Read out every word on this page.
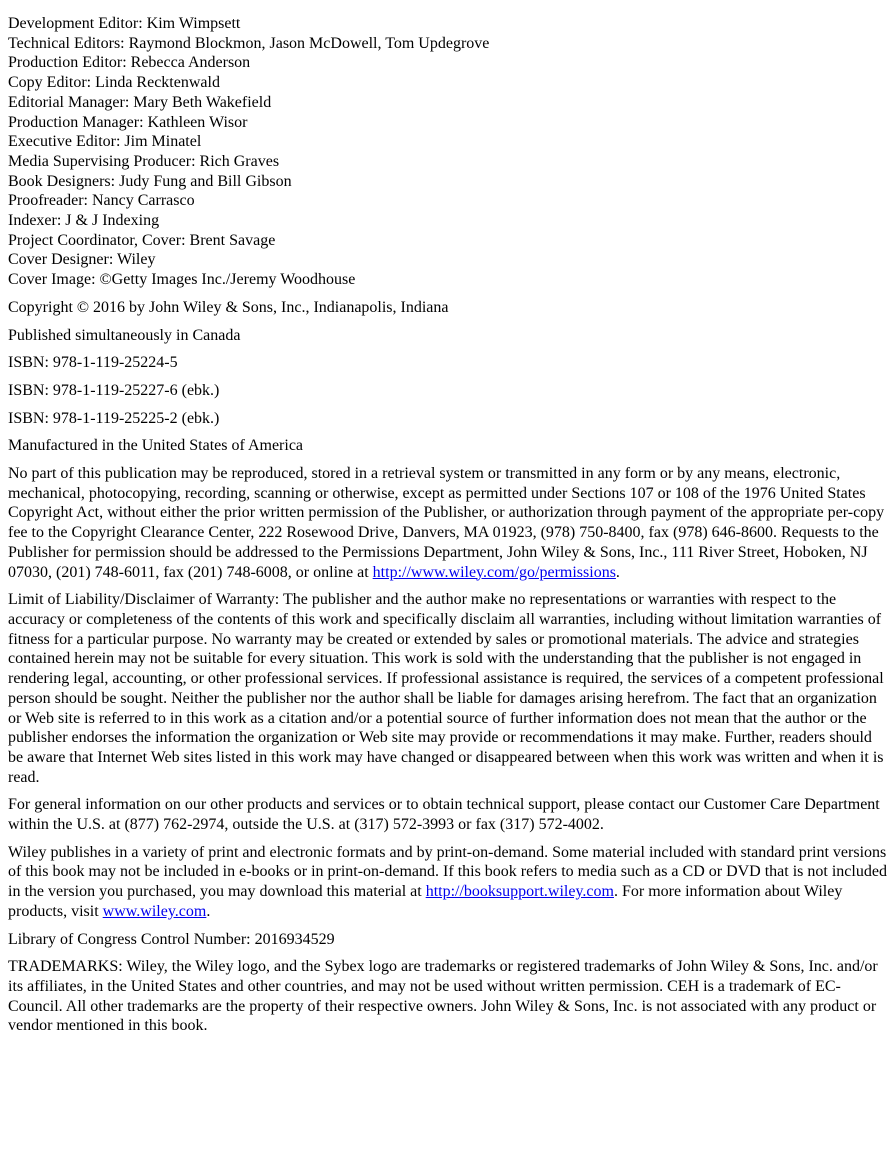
Development Editor: Kim Wimpsett
Technical Editors: Raymond Blockmon, Jason McDowell, Tom Updegrove
Production Editor: Rebecca Anderson
Copy Editor: Linda Recktenwald
Editorial Manager: Mary Beth Wakefield
Production Manager: Kathleen Wisor
Executive Editor: Jim Minatel
Media Supervising Producer: Rich Graves
Book Designers: Judy Fung and Bill Gibson
Proofreader: Nancy Carrasco
Indexer: J & J Indexing
Project Coordinator, Cover: Brent Savage
Cover Designer: Wiley
Cover Image: ©Getty Images Inc./Jeremy Woodhouse

Copyright © 2016 by John Wiley & Sons, Inc., Indianapolis, Indiana

Published simultaneously in Canada

ISBN: 978-1-119-25224-5

ISBN: 978-1-119-25227-6 (ebk.)

ISBN: 978-1-119-25225-2 (ebk.)

Manufactured in the United States of America

No part of this publication may be reproduced, stored in a retrieval system or transmitted in any form or by any means, electronic, mechanical, photocopying, recording, scanning or otherwise, except as permitted under Sections 107 or 108 of the 1976 United States Copyright Act, without either the prior written permission of the Publisher, or authorization through payment of the appropriate per-copy fee to the Copyright Clearance Center, 222 Rosewood Drive, Danvers, MA 01923, (978) 750-8400, fax (978) 646-8600. Requests to the Publisher for permission should be addressed to the Permissions Department, John Wiley & Sons, Inc., 111 River Street, Hoboken, NJ 07030, (201) 748-6011, fax (201) 748-6008, or online at http://www.wiley.com/go/permissions.

Limit of Liability/Disclaimer of Warranty: The publisher and the author make no representations or warranties with respect to the accuracy or completeness of the contents of this work and specifically disclaim all warranties, including without limitation warranties of fitness for a particular purpose. No warranty may be created or extended by sales or promotional materials. The advice and strategies contained herein may not be suitable for every situation. This work is sold with the understanding that the publisher is not engaged in rendering legal, accounting, or other professional services. If professional assistance is required, the services of a competent professional person should be sought. Neither the publisher nor the author shall be liable for damages arising herefrom. The fact that an organization or Web site is referred to in this work as a citation and/or a potential source of further information does not mean that the author or the publisher endorses the information the organization or Web site may provide or recommendations it may make. Further, readers should be aware that Internet Web sites listed in this work may have changed or disappeared between when this work was written and when it is read.

For general information on our other products and services or to obtain technical support, please contact our Customer Care Department within the U.S. at (877) 762-2974, outside the U.S. at (317) 572-3993 or fax (317) 572-4002.

Wiley publishes in a variety of print and electronic formats and by print-on-demand. Some material included with standard print versions of this book may not be included in e-books or in print-on-demand. If this book refers to media such as a CD or DVD that is not included in the version you purchased, you may download this material at http://booksupport.wiley.com. For more information about Wiley products, visit www.wiley.com.

Library of Congress Control Number: 2016934529

TRADEMARKS: Wiley, the Wiley logo, and the Sybex logo are trademarks or registered trademarks of John Wiley & Sons, Inc. and/or its affiliates, in the United States and other countries, and may not be used without written permission. CEH is a trademark of EC-Council. All other trademarks are the property of their respective owners. John Wiley & Sons, Inc. is not associated with any product or vendor mentioned in this book.
